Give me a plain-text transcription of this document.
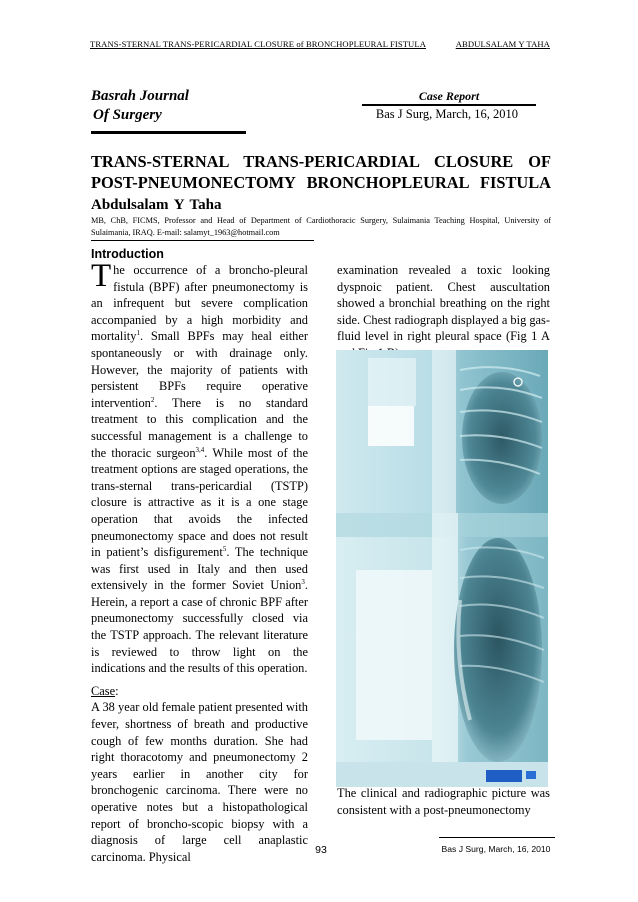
TRANS-STERNAL TRANS-PERICARDIAL CLOSURE of BRONCHOPLEURAL FISTULA	ABDULSALAM Y TAHA
Basrah Journal
Of Surgery
Case Report
Bas J Surg, March, 16, 2010
TRANS-STERNAL TRANS-PERICARDIAL CLOSURE OF POST-PNEUMONECTOMY BRONCHOPLEURAL FISTULA
Abdulsalam Y Taha
MB, ChB, FICMS, Professor and Head of Department of Cardiothoracic Surgery, Sulaimania Teaching Hospital, University of Sulaimania, IRAQ. E-mail: salamyt_1963@hotmail.com
Introduction

The occurrence of a broncho-pleural fistula (BPF) after pneumonectomy is an infrequent but severe complication accompanied by a high morbidity and mortality$^1$. Small BPFs may heal either spontaneously or with drainage only. However, the majority of patients with persistent BPFs require operative intervention$^2$. There is no standard treatment to this complication and the successful management is a challenge to the thoracic surgeon$^{3,4}$. While most of the treatment options are staged operations, the trans-sternal trans-pericardial (TSTP) closure is attractive as it is a one stage operation that avoids the infected pneumonectomy space and does not result in patient’s disfigurement$^5$. The technique was first used in Italy and then used extensively in the former Soviet Union$^3$. Herein, a report a case of chronic BPF after pneumonectomy successfully closed via the TSTP approach. The relevant literature is reviewed to throw light on the indications and the results of this operation.

Case:

A 38 year old female patient presented with fever, shortness of breath and productive cough of few months duration. She had right thoracotomy and pneumonectomy 2 years earlier in another city for bronchogenic carcinoma. There were no operative notes but a histopathological report of broncho-scopic biopsy with a diagnosis of large cell anaplastic carcinoma. Physical

examination revealed a toxic looking dyspnoic patient. Chest auscultation showed a bronchial breathing on the right side. Chest radiograph displayed a big gas-fluid level in right pleural space (Fig 1 A
The clinical and radiographic picture was consistent with a post-pneumonectomy
93	Bas J Surg, March, 16, 2010
